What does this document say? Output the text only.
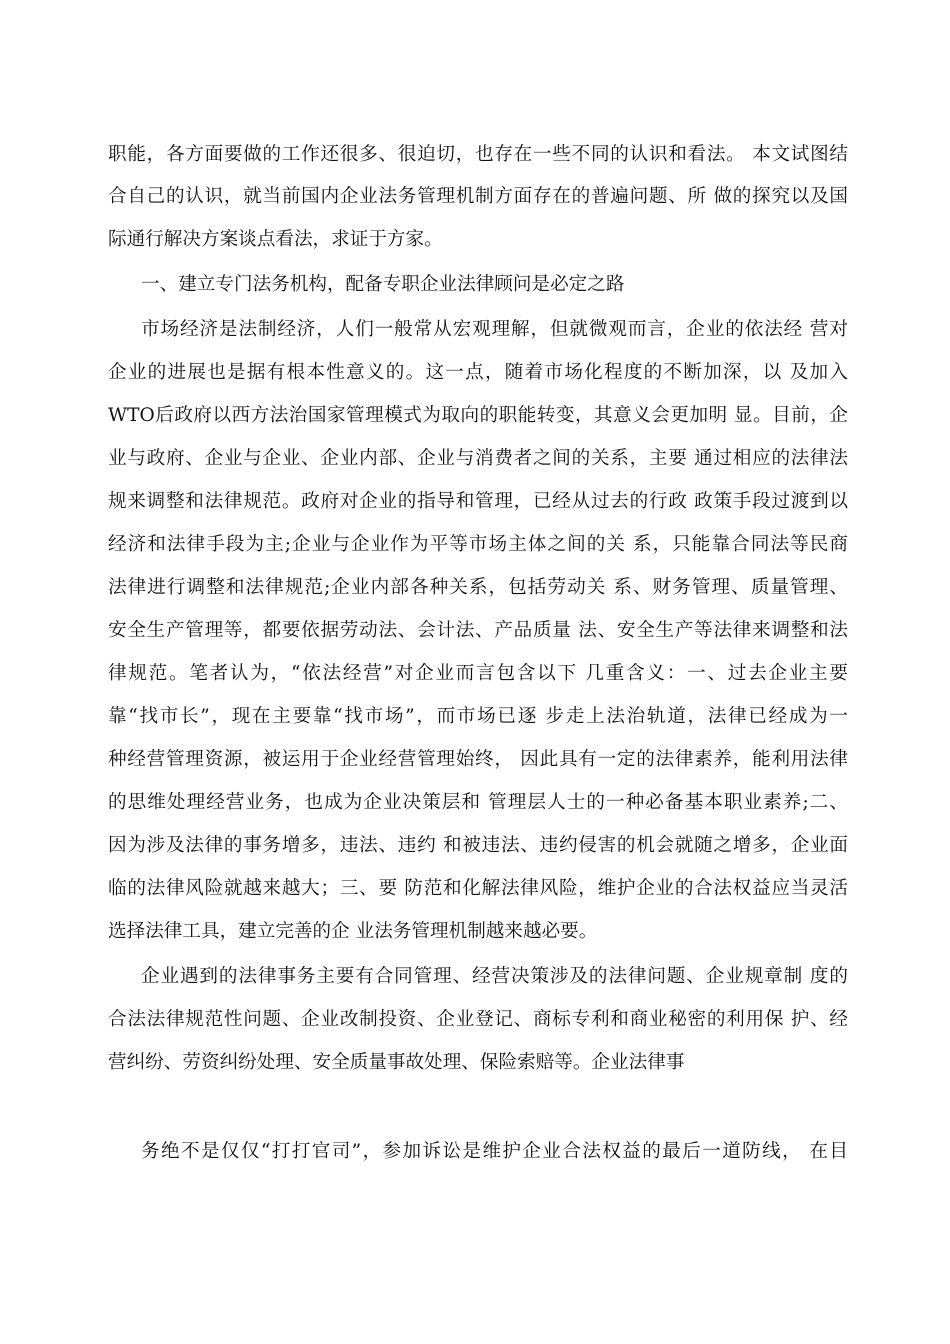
职能，各方面要做的工作还很多、很迫切，也存在一些不同的认识和看法。 本文试图结
合自己的认识，就当前国内企业法务管理机制方面存在的普遍问题、所 做的探究以及国
际通行解决方案谈点看法，求证于方家。
一、建立专门法务机构，配备专职企业法律顾问是必定之路
市场经济是法制经济，人们一般常从宏观理解，但就微观而言，企业的依法经 营对
企业的进展也是据有根本性意义的。这一点，随着市场化程度的不断加深，以 及加入
WTO后政府以西方法治国家管理模式为取向的职能转变，其意义会更加明 显。目前，企
业与政府、企业与企业、企业内部、企业与消费者之间的关系，主要 通过相应的法律法
规来调整和法律规范。政府对企业的指导和管理，已经从过去的行政 政策手段过渡到以
经济和法律手段为主;企业与企业作为平等市场主体之间的关 系，只能靠合同法等民商
法律进行调整和法律规范;企业内部各种关系，包括劳动关 系、财务管理、质量管理、
安全生产管理等，都要依据劳动法、会计法、产品质量 法、安全生产等法律来调整和法
律规范。笔者认为，“依法经营”对企业而言包含以下 几重含义：一、过去企业主要
靠“找市长”，现在主要靠“找市场”，而市场已逐 步走上法治轨道，法律已经成为一
种经营管理资源，被运用于企业经营管理始终， 因此具有一定的法律素养，能利用法律
的思维处理经营业务，也成为企业决策层和 管理层人士的一种必备基本职业素养;二、
因为涉及法律的事务增多，违法、违约 和被违法、违约侵害的机会就随之增多，企业面
临的法律风险就越来越大；三、要 防范和化解法律风险，维护企业的合法权益应当灵活
选择法律工具，建立完善的企 业法务管理机制越来越必要。
企业遇到的法律事务主要有合同管理、经营决策涉及的法律问题、企业规章制 度的
合法法律规范性问题、企业改制投资、企业登记、商标专利和商业秘密的利用保 护、经
营纠纷、劳资纠纷处理、安全质量事故处理、保险索赔等。企业法律事
务绝不是仅仅“打打官司”，参加诉讼是维护企业合法权益的最后一道防线， 在目
